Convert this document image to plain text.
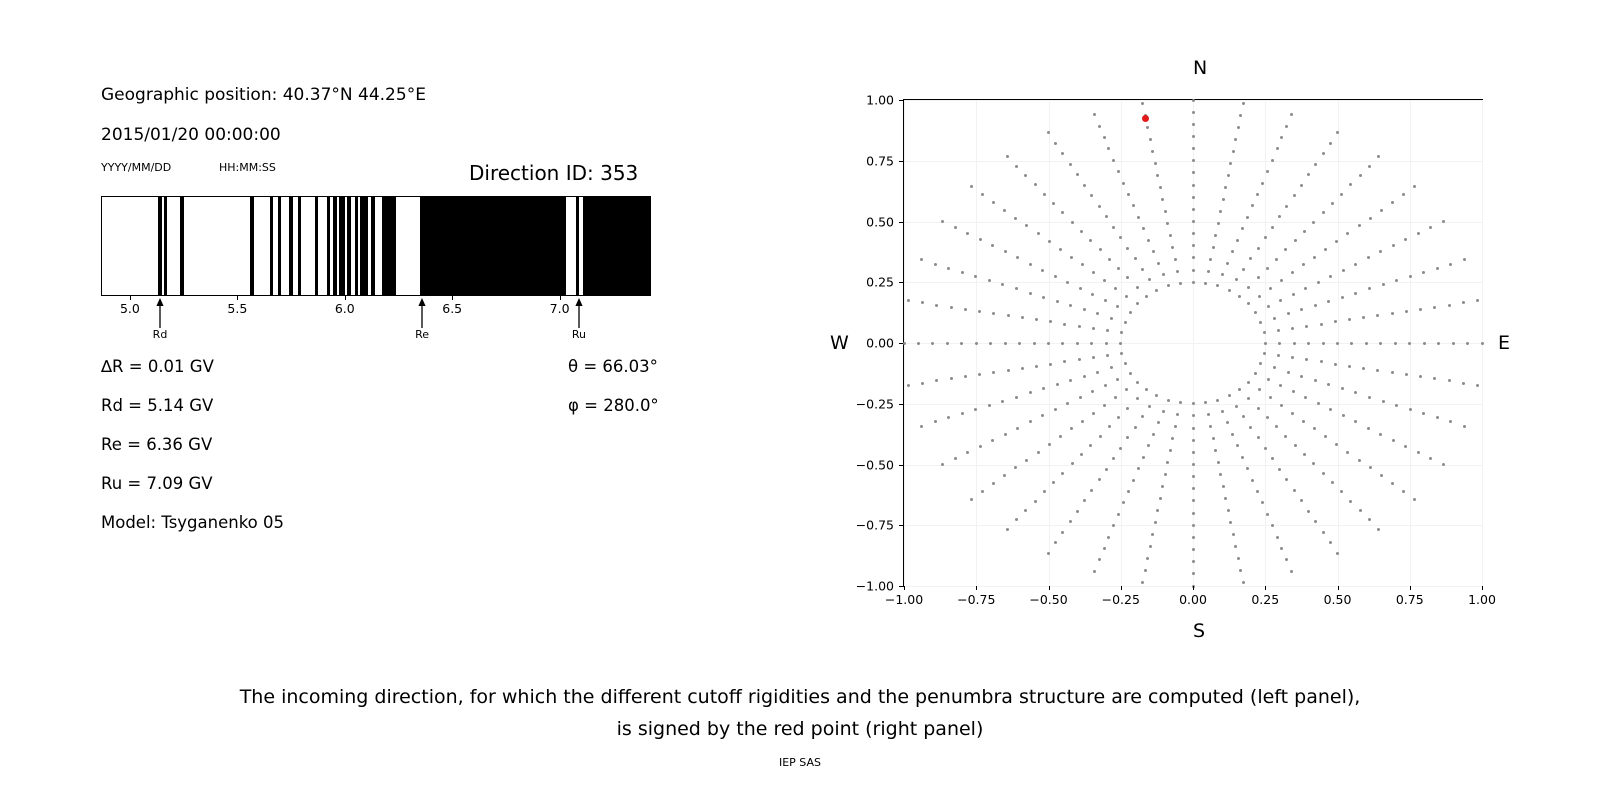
Geographic position: 40.37°N 44.25°E
2015/01/20 00:00:00
YYYY/MM/DD	HH:MM:SS	Direction ID: 353
5.0	5.5	6.0	6.5	7.0
Rd	Re	Ru
∆R = 0.01 GV
Rd = 5.14 GV
Re = 6.36 GV
Ru = 7.09 GV
Model: Tsyganenko 05
θ = 66.03°
φ = 280.0°
N
S
W	E
−1.00	−0.75	−0.50	−0.25	0.00	0.25	0.50	0.75	1.00
−1.00
−0.75
−0.50
−0.25
0.00
0.25
0.50
0.75
1.00
The incoming direction, for which the different cutoff rigidities and the penumbra structure are computed (left panel),
is signed by the red point (right panel)
IEP SAS
